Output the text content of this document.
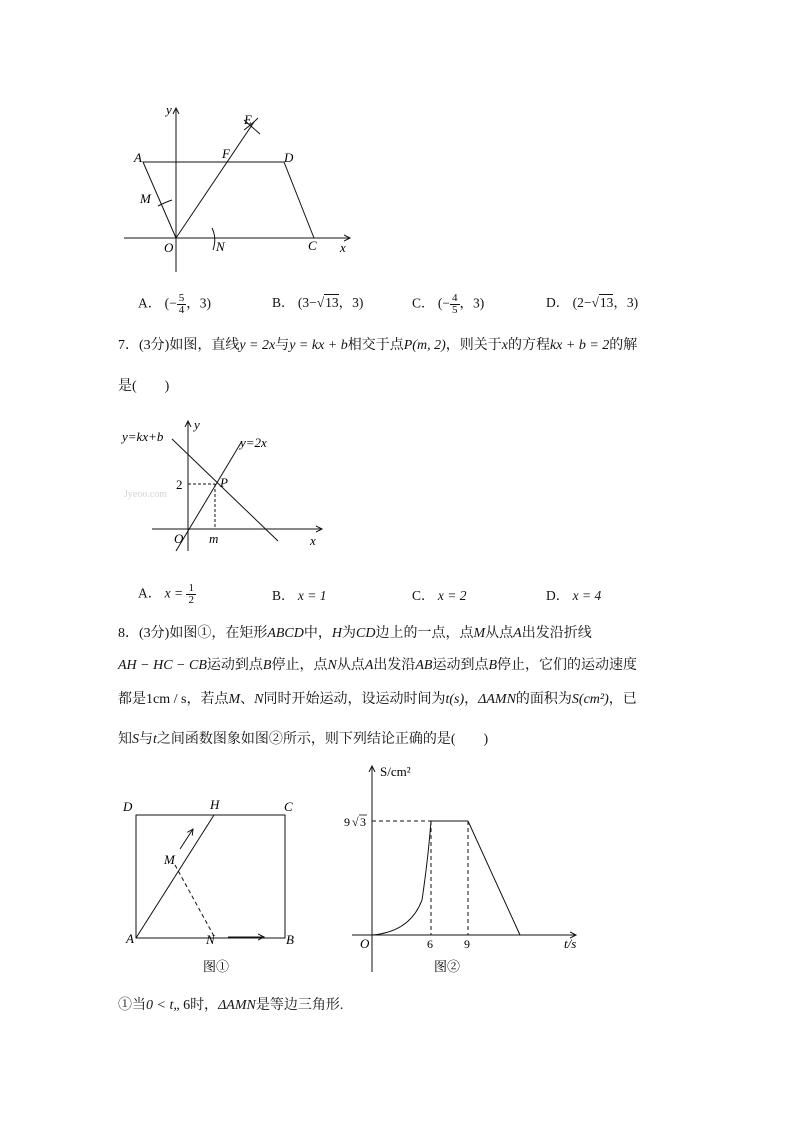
y
x
O
A	D
C
F
E
M
N
A． (− $\frac{5}{4}$ ，3)	B． (3−√13，3)	C． (− $\frac{4}{5}$ ，3)	D． (2−√13，3)
7．(3分)如图，直线y = 2x与y = kx + b相交于点P(m, 2)，则关于x的方程kx + b = 2的解
是(　　)
Jyeoo.com
y=kx+b	y=2x
y
x
O
P
2
m
A． $x = \frac{1}{2}$	B． x = 1	C． x = 2	D． x = 4
8．(3分)如图①，在矩形ABCD中，H为CD边上的一点，点M从点A出发沿折线
AH − HC − CB运动到点B停止，点N从点A出发沿AB运动到点B停止，它们的运动速度
都是1cm / s，若点M、N同时开始运动，设运动时间为t(s)，ΔAMN的面积为S(cm²)，已
知S与t之间函数图象如图②所示，则下列结论正确的是(　　)
D	H	C
M
A	N	B
图①
S/cm²
9 √ 3
O	6	9	t/s
图②
①当0 < t„ 6时，ΔAMN是等边三角形.
